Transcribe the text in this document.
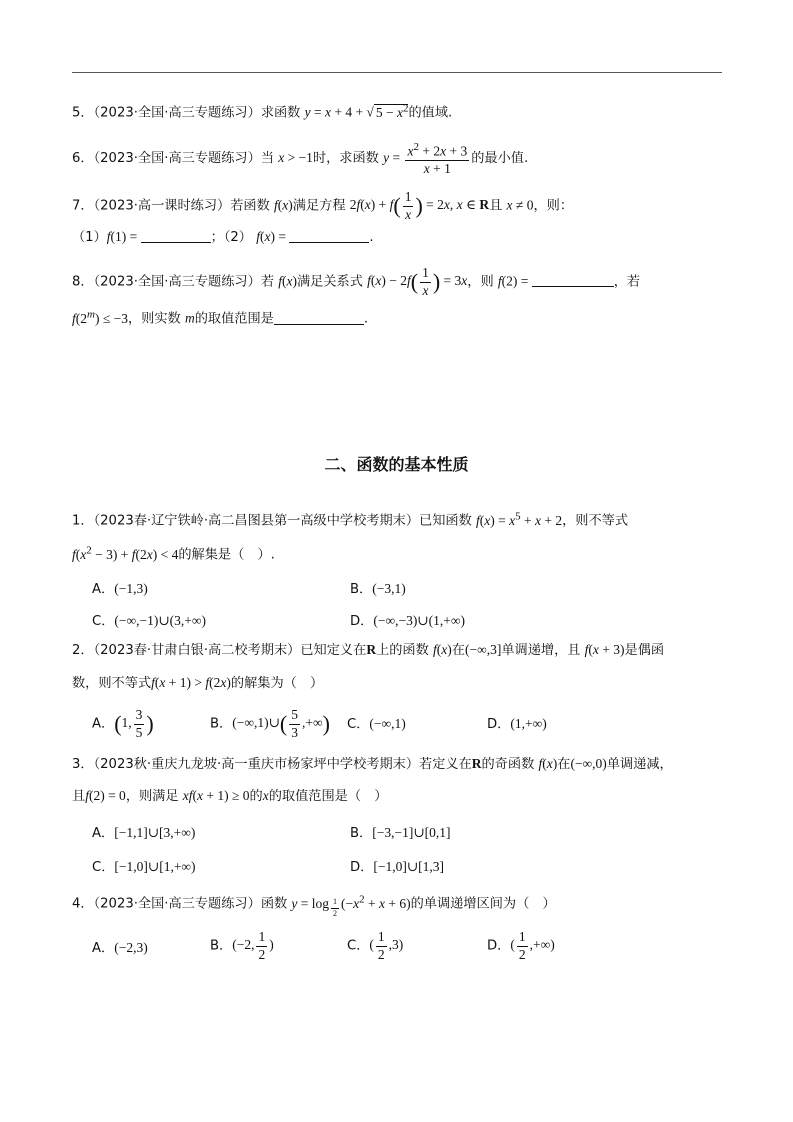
5．（2023·全国·高三专题练习）求函数 y = x + 4 + √ $5 - x^2$的值域.
6．（2023·全国·高三专题练习）当 x > −1时，求函数 $y = \frac{x^2 + 2x + 3}{x + 1}$ 的最小值.
7．（2023·高一课时练习）若函数 f(x)满足方程 $2f(x) + f( \frac{1}{x}$ ) = 2x, x ∈ R且 x ≠ 0，则：
（1）f(1) =	；（2） f(x) =	.
8．（2023·全国·高三专题练习）若 f(x)满足关系式 $f(x) - 2f( \frac{1}{x}$ ) = 3x，则 f(2) =	，若
$f(2^m) \le -3$，则实数 m的取值范围是	.
二、函数的基本性质
1．（2023春·辽宁铁岭·高二昌图县第一高级中学校考期末）已知函数 $f(x) = x^5 + x + 2$，则不等式
$f(x^2 - 3) + f(2x) < 4$的解集是（　）.
A．(−1,3)	B．(−3,1)
C．(−∞,−1)∪(3,+∞)	D．(−∞,−3)∪(1,+∞)
2．（2023春·甘肃白银·高二校考期末）已知定义在R上的函数 f(x)在(−∞,3]单调递增，且 f(x + 3)是偶函
数，则不等式f(x + 1) > f(2x)的解集为（　）
A．(1, $\frac{3}{5}$ )	B．(−∞,1)∪( $\frac{5}{3}$ ,+∞) C．(−∞,1)	D．(1,+∞)
3．（2023秋·重庆九龙坡·高一重庆市杨家坪中学校考期末）若定义在R的奇函数 f(x)在(−∞,0)单调递减，
且f(2) = 0，则满足 xf(x + 1) ≥ 0的x的取值范围是（　）
A．[−1,1]∪[3,+∞)	B．[−3,−1]∪[0,1]
C．[−1,0]∪[1,+∞)	D．[−1,0]∪[1,3]
4．（2023·全国·高三专题练习）函数 y = log $_{\frac{1}{2}}$ $(-x^2 + x + 6)$的单调递增区间为（　）
A．(−2,3)	B．(−2, $\frac{1}{2}$ )	C．( $\frac{1}{2} ,3$)	D．( $\frac{1}{2}$ ,+∞)
